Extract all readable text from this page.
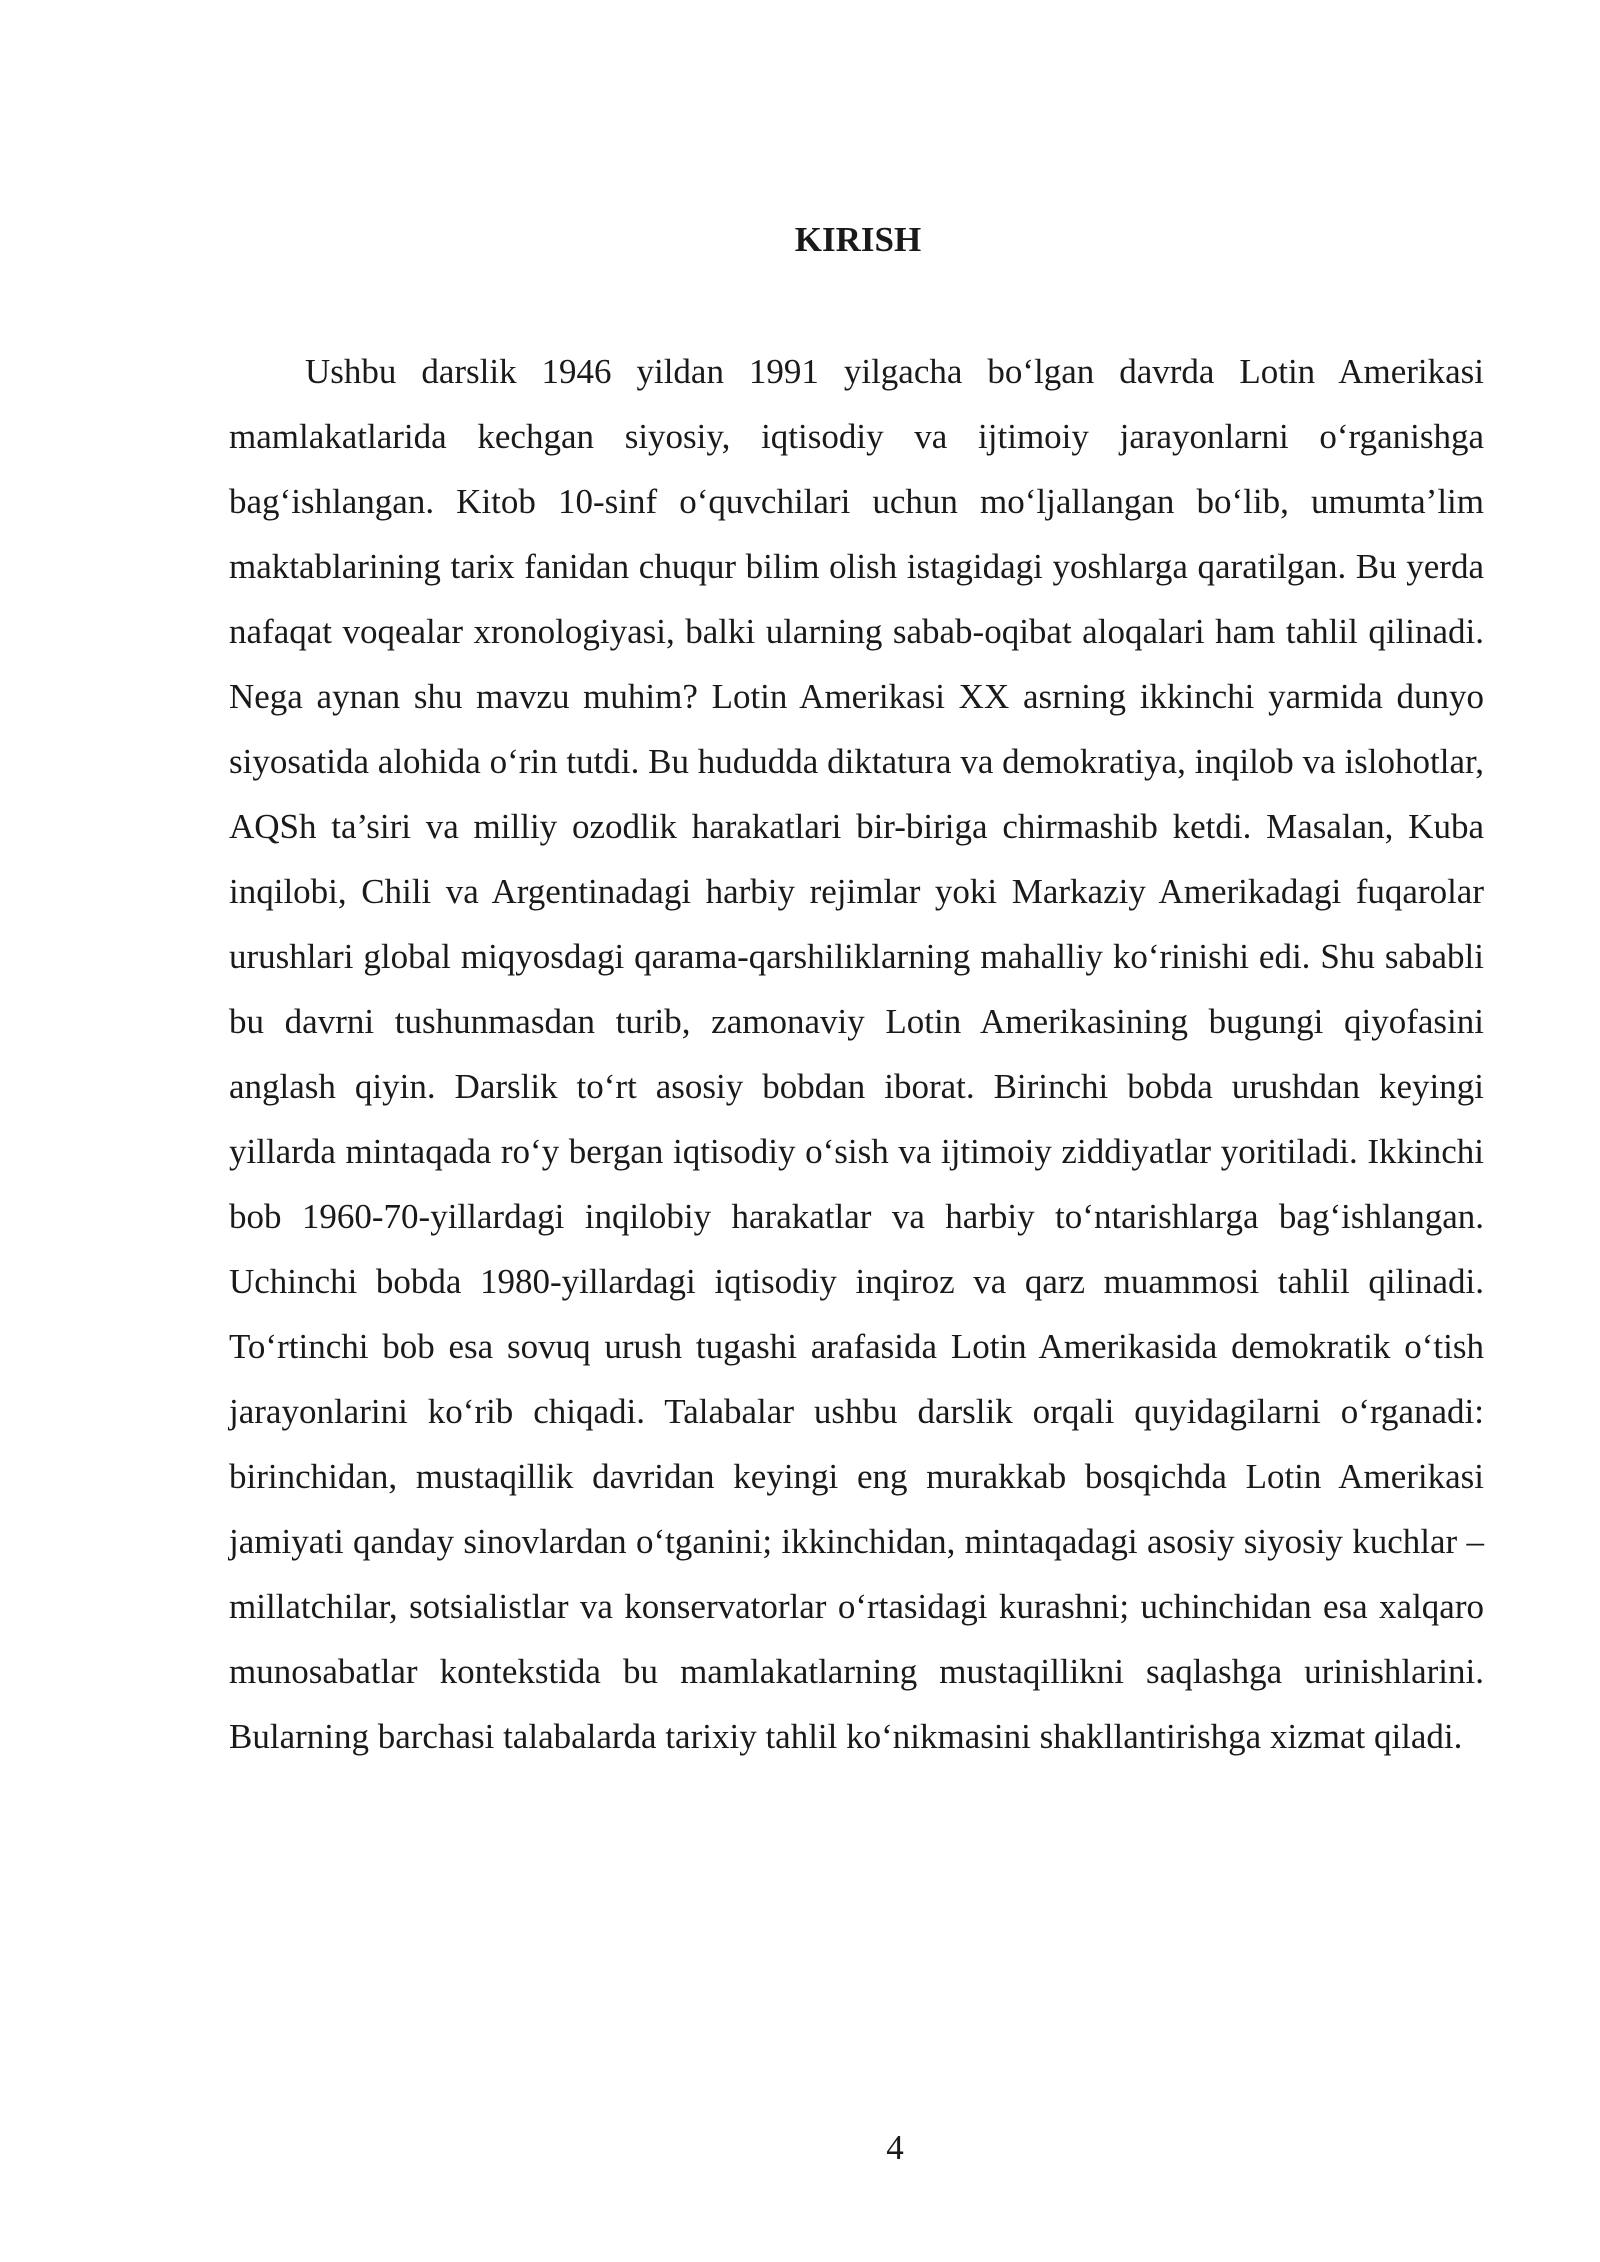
KIRISH

Ushbu darslik 1946 yildan 1991 yilgacha bo‘lgan davrda Lotin Amerikasi mamlakatlarida kechgan siyosiy, iqtisodiy va ijtimoiy jarayonlarni o‘rganishga bag‘ishlangan. Kitob 10-sinf o‘quvchilari uchun mo‘ljallangan bo‘lib, umumta’lim maktablarining tarix fanidan chuqur bilim olish istagidagi yoshlarga qaratilgan. Bu yerda nafaqat voqealar xronologiyasi, balki ularning sabab-oqibat aloqalari ham tahlil qilinadi. Nega aynan shu mavzu muhim? Lotin Amerikasi XX asrning ikkinchi yarmida dunyo siyosatida alohida o‘rin tutdi. Bu hududda diktatura va demokratiya, inqilob va islohotlar, AQSh ta’siri va milliy ozodlik harakatlari bir-biriga chirmashib ketdi. Masalan, Kuba inqilobi, Chili va Argentinadagi harbiy rejimlar yoki Markaziy Amerikadagi fuqarolar urushlari global miqyosdagi qarama-qarshiliklarning mahalliy ko‘rinishi edi. Shu sababli bu davrni tushunmasdan turib, zamonaviy Lotin Amerikasining bugungi qiyofasini anglash qiyin. Darslik to‘rt asosiy bobdan iborat. Birinchi bobda urushdan keyingi yillarda mintaqada ro‘y bergan iqtisodiy o‘sish va ijtimoiy ziddiyatlar yoritiladi. Ikkinchi bob 1960-70-yillardagi inqilobiy harakatlar va harbiy to‘ntarishlarga bag‘ishlangan. Uchinchi bobda 1980-yillardagi iqtisodiy inqiroz va qarz muammosi tahlil qilinadi. To‘rtinchi bob esa sovuq urush tugashi arafasida Lotin Amerikasida demokratik o‘tish jarayonlarini ko‘rib chiqadi. Talabalar ushbu darslik orqali quyidagilarni o‘rganadi: birinchidan, mustaqillik davridan keyingi eng murakkab bosqichda Lotin Amerikasi jamiyati qanday sinovlardan o‘tganini; ikkinchidan, mintaqadagi asosiy siyosiy kuchlar – millatchilar, sotsialistlar va konservatorlar o‘rtasidagi kurashni; uchinchidan esa xalqaro munosabatlar kontekstida bu mamlakatlarning mustaqillikni saqlashga urinishlarini. Bularning barchasi talabalarda tarixiy tahlil ko‘nikmasini shakllantirishga xizmat qiladi.

4
